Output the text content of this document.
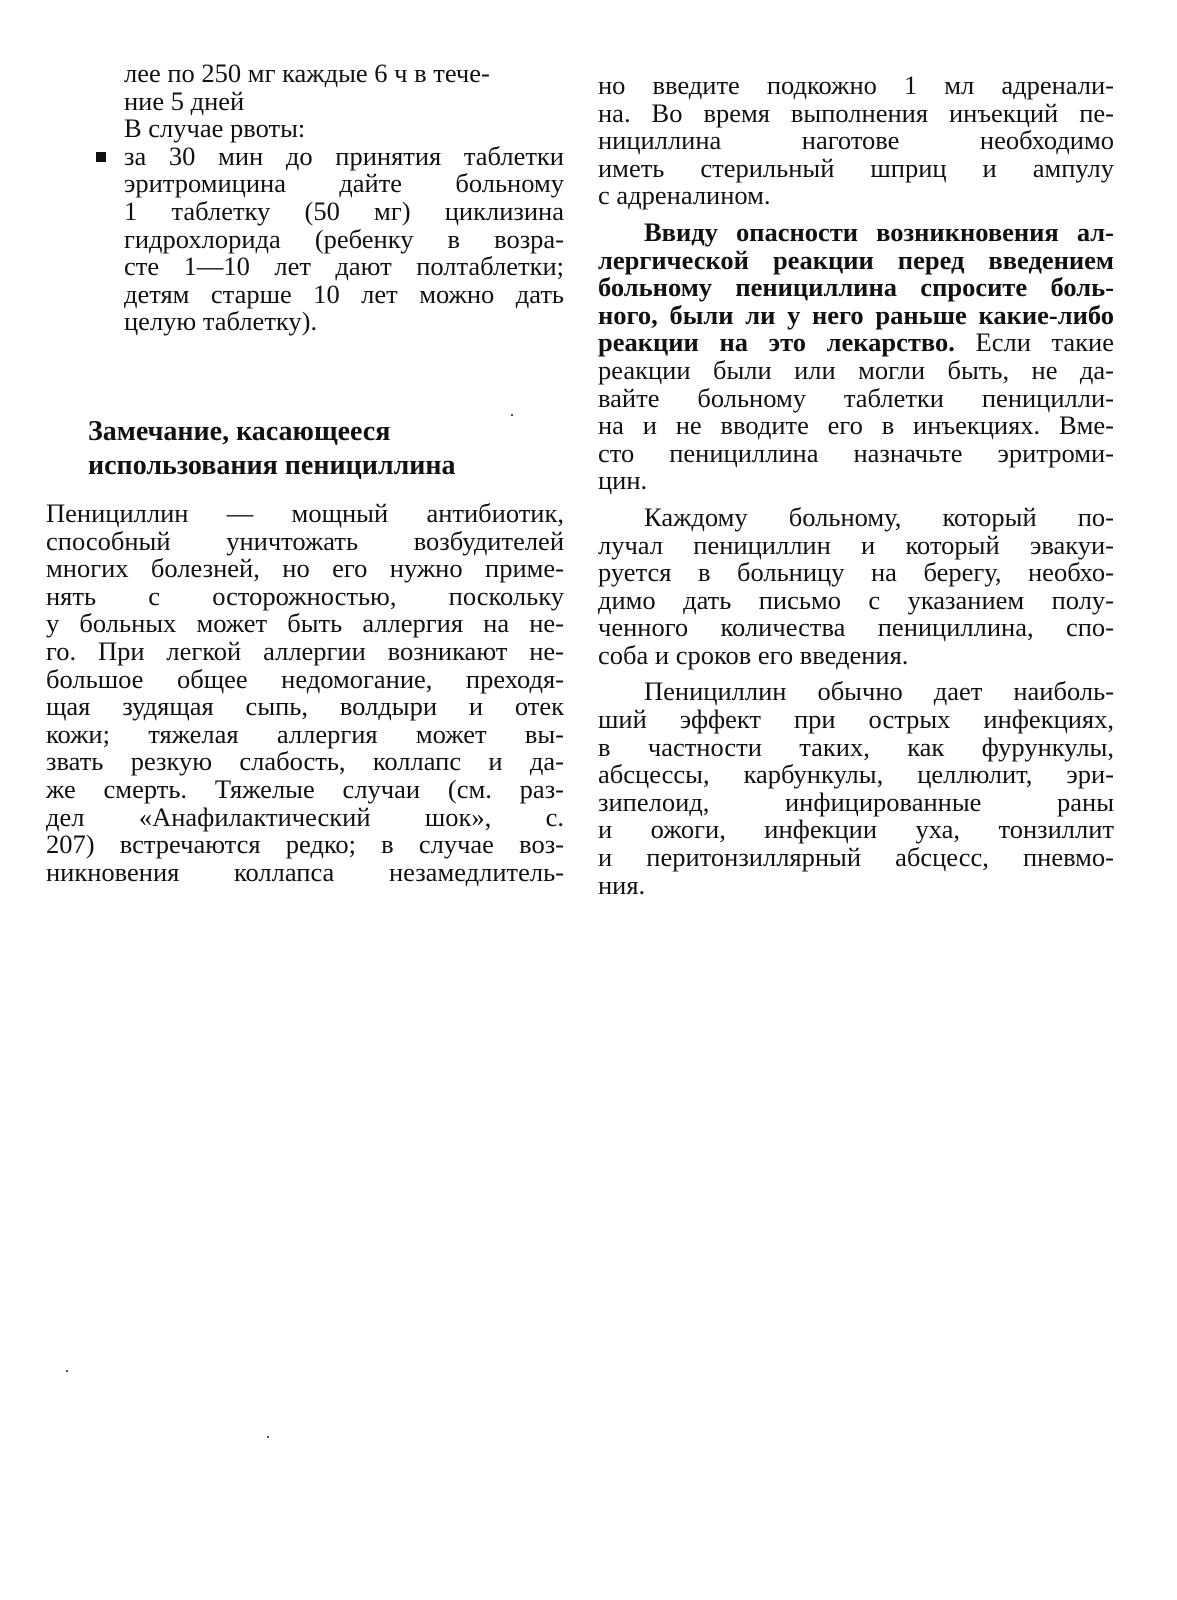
лее по 250 мг каждые 6 ч в тече-
ние 5 дней
В случае рвоты:
за 30 мин до принятия таблетки
эритромицина дайте больному
1 таблетку (50 мг) циклизина
гидрохлорида (ребенку в возра-
сте 1—10 лет дают полтаблетки;
детям старше 10 лет можно дать
целую таблетку).
Замечание, касающееся
использования пенициллина
Пенициллин — мощный антибиотик,
способный уничтожать возбудителей
многих болезней, но его нужно приме-
нять с осторожностью, поскольку
у больных может быть аллергия на не-
го. При легкой аллергии возникают не-
большое общее недомогание, преходя-
щая зудящая сыпь, волдыри и отек
кожи; тяжелая аллергия может вы-
звать резкую слабость, коллапс и да-
же смерть. Тяжелые случаи (см. раз-
дел «Анафилактический шок», с.
207) встречаются редко; в случае воз-
никновения коллапса незамедлитель-
но введите подкожно 1 мл адренали-
на. Во время выполнения инъекций пе-
нициллина наготове необходимо
иметь стерильный шприц и ампулу
с адреналином.
Ввиду опасности возникновения ал-
лергической реакции перед введением
больному пенициллина спросите боль-
ного, были ли у него раньше какие-либо
реакции на это лекарство. Если такие
реакции были или могли быть, не да-
вайте больному таблетки пеницилли-
на и не вводите его в инъекциях. Вме-
сто пенициллина назначьте эритроми-
цин.
Каждому больному, который по-
лучал пенициллин и который эвакуи-
руется в больницу на берегу, необхо-
димо дать письмо с указанием полу-
ченного количества пенициллина, спо-
соба и сроков его введения.
Пенициллин обычно дает наиболь-
ший эффект при острых инфекциях,
в частности таких, как фурункулы,
абсцессы, карбункулы, целлюлит, эри-
зипелоид, инфицированные раны
и ожоги, инфекции уха, тонзиллит
и перитонзиллярный абсцесс, пневмо-
ния.
